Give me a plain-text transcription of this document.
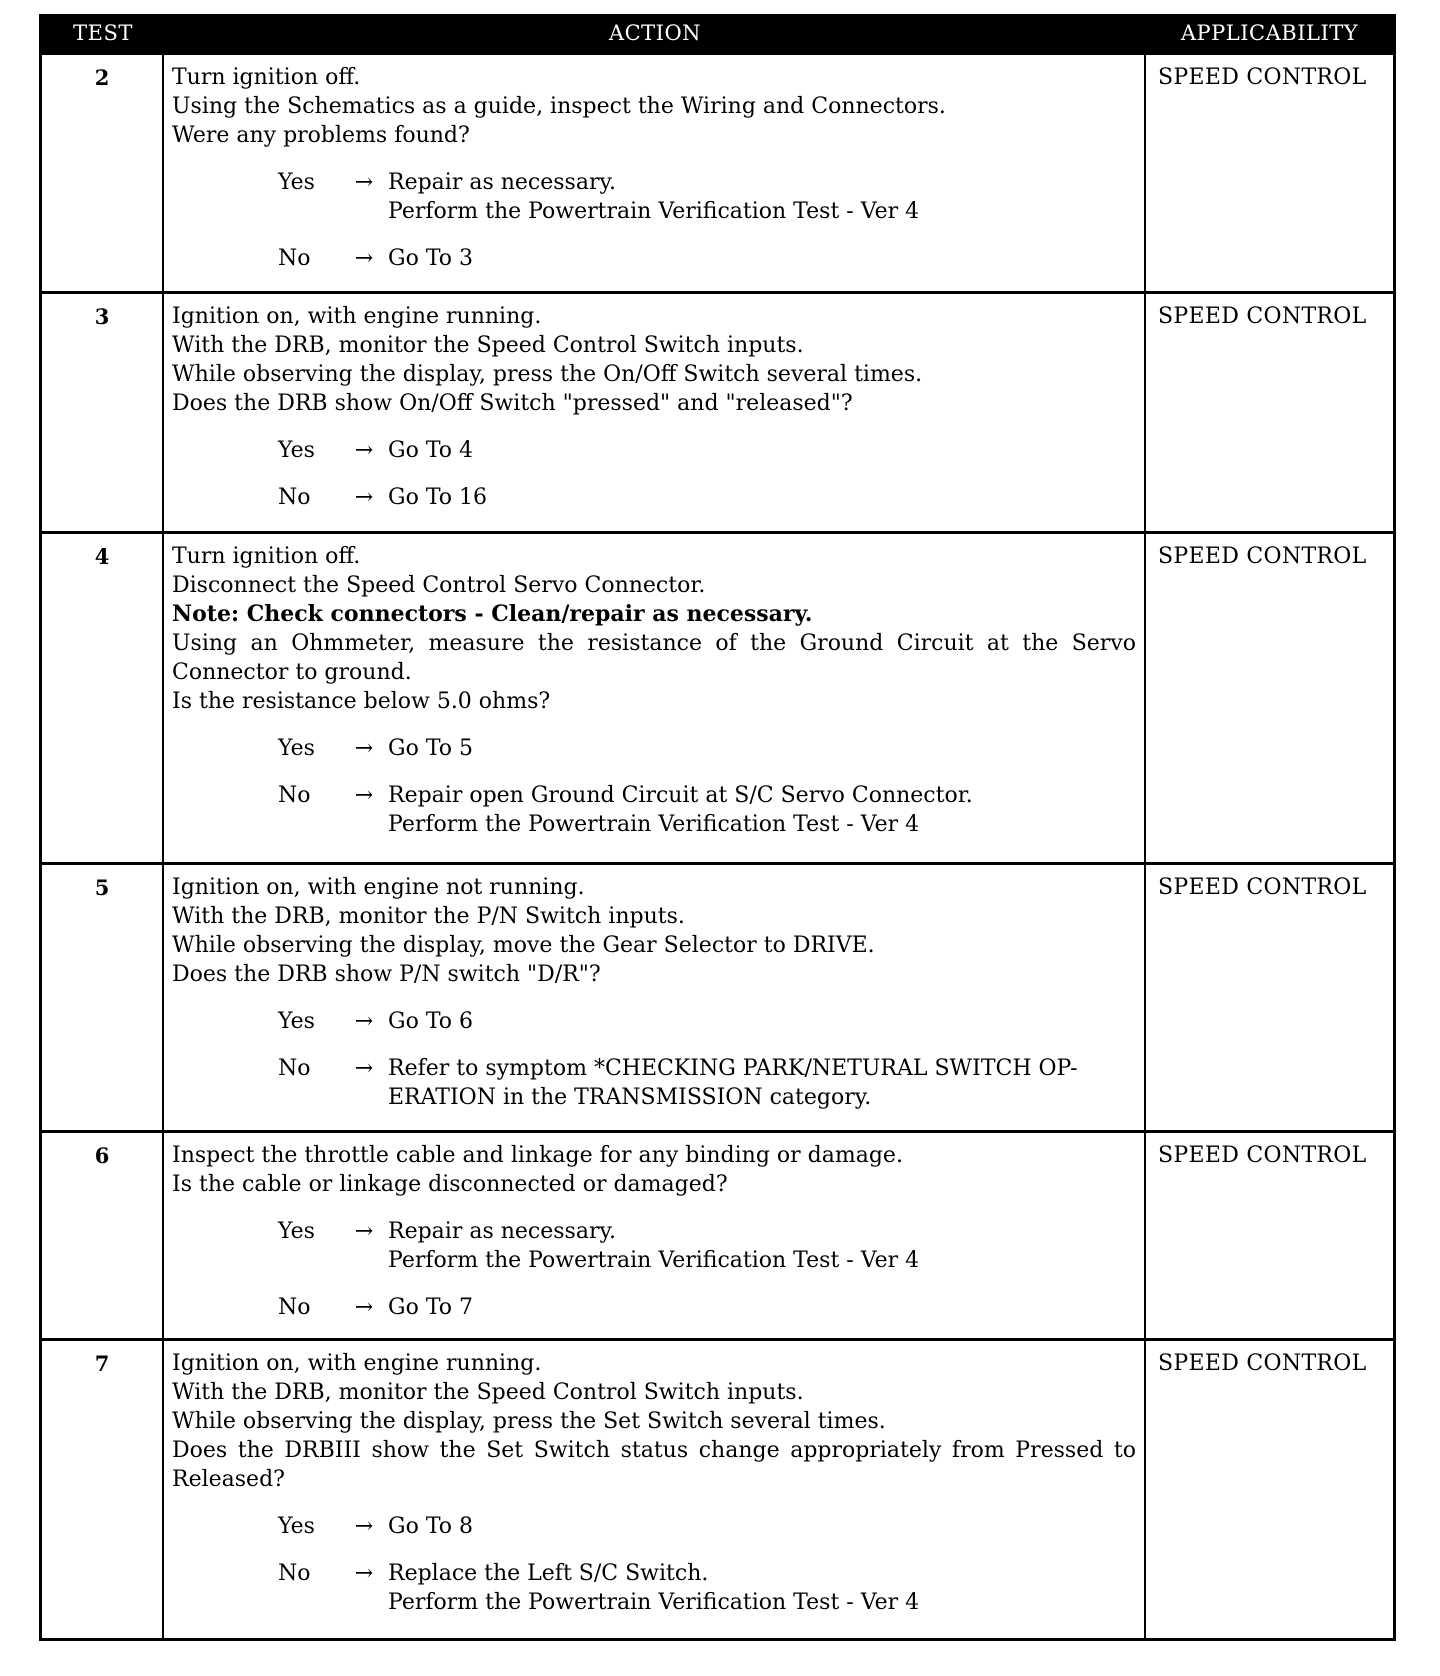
TEST	ACTION	APPLICABILITY
2	Turn ignition off.
Using the Schematics as a guide, inspect the Wiring and Connectors.
Were any problems found?
Yes	→ Repair as necessary.
Perform the Powertrain Verification Test - Ver 4
No	→ Go To 3
SPEED CONTROL
3	Ignition on, with engine running.
With the DRB, monitor the Speed Control Switch inputs.
While observing the display, press the On/Off Switch several times.
Does the DRB show On/Off Switch "pressed" and "released"?
Yes	→ Go To 4
No	→ Go To 16
SPEED CONTROL
4	Turn ignition off.
Disconnect the Speed Control Servo Connector.
Note: Check connectors - Clean/repair as necessary.
Using an Ohmmeter, measure the resistance of the Ground Circuit at the Servo Connector to ground.
Is the resistance below 5.0 ohms?
Yes	→ Go To 5
No	→ Repair open Ground Circuit at S/C Servo Connector.
Perform the Powertrain Verification Test - Ver 4
SPEED CONTROL
5	Ignition on, with engine not running.
With the DRB, monitor the P/N Switch inputs.
While observing the display, move the Gear Selector to DRIVE.
Does the DRB show P/N switch "D/R"?
Yes	→ Go To 6
No	→ Refer to symptom *CHECKING PARK/NETURAL SWITCH OP-
ERATION in the TRANSMISSION category.
SPEED CONTROL
6	Inspect the throttle cable and linkage for any binding or damage.
Is the cable or linkage disconnected or damaged?
Yes	→ Repair as necessary.
Perform the Powertrain Verification Test - Ver 4
No	→ Go To 7
SPEED CONTROL
7	Ignition on, with engine running.
With the DRB, monitor the Speed Control Switch inputs.
While observing the display, press the Set Switch several times.
Does the DRBIII show the Set Switch status change appropriately from Pressed to Released?
Yes	→ Go To 8
No	→ Replace the Left S/C Switch.
Perform the Powertrain Verification Test - Ver 4
SPEED CONTROL
